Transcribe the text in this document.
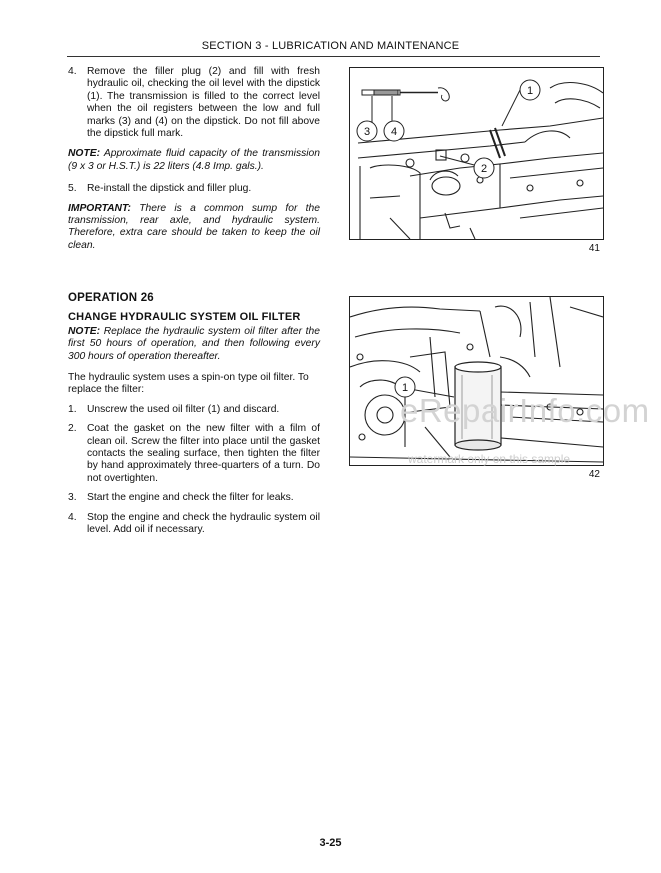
SECTION 3 - LUBRICATION AND MAINTENANCE

4. Remove the filler plug (2) and fill with fresh hydraulic oil, checking the oil level with the dipstick (1). The transmission is filled to the correct level when the oil registers between the low and full marks (3) and (4) on the dipstick. Do not fill above the dipstick full mark.

NOTE: Approximate fluid capacity of the transmission (9 x 3 or H.S.T.) is 22 liters (4.8 Imp. gals.).

5. Re-install the dipstick and filler plug.

IMPORTANT: There is a common sump for the transmission, rear axle, and hydraulic system. Therefore, extra care should be taken to keep the oil clean.

OPERATION 26

CHANGE HYDRAULIC SYSTEM OIL FILTER

NOTE: Replace the hydraulic system oil filter after the first 50 hours of operation, and then following every 300 hours of operation thereafter.

The hydraulic system uses a spin-on type oil filter. To replace the filter:

1. Unscrew the used oil filter (1) and discard.

2. Coat the gasket on the new filter with a film of clean oil. Screw the filter into place until the gasket contacts the sealing surface, then tighten the filter by hand approximately three-quarters of a turn. Do not overtighten.

3. Start the engine and check the filter for leaks.

4. Stop the engine and check the hydraulic system oil level. Add oil if necessary.

1
2
3 4
41
1
42
eRepairInfo.com
watermark only on this sample
3-25
